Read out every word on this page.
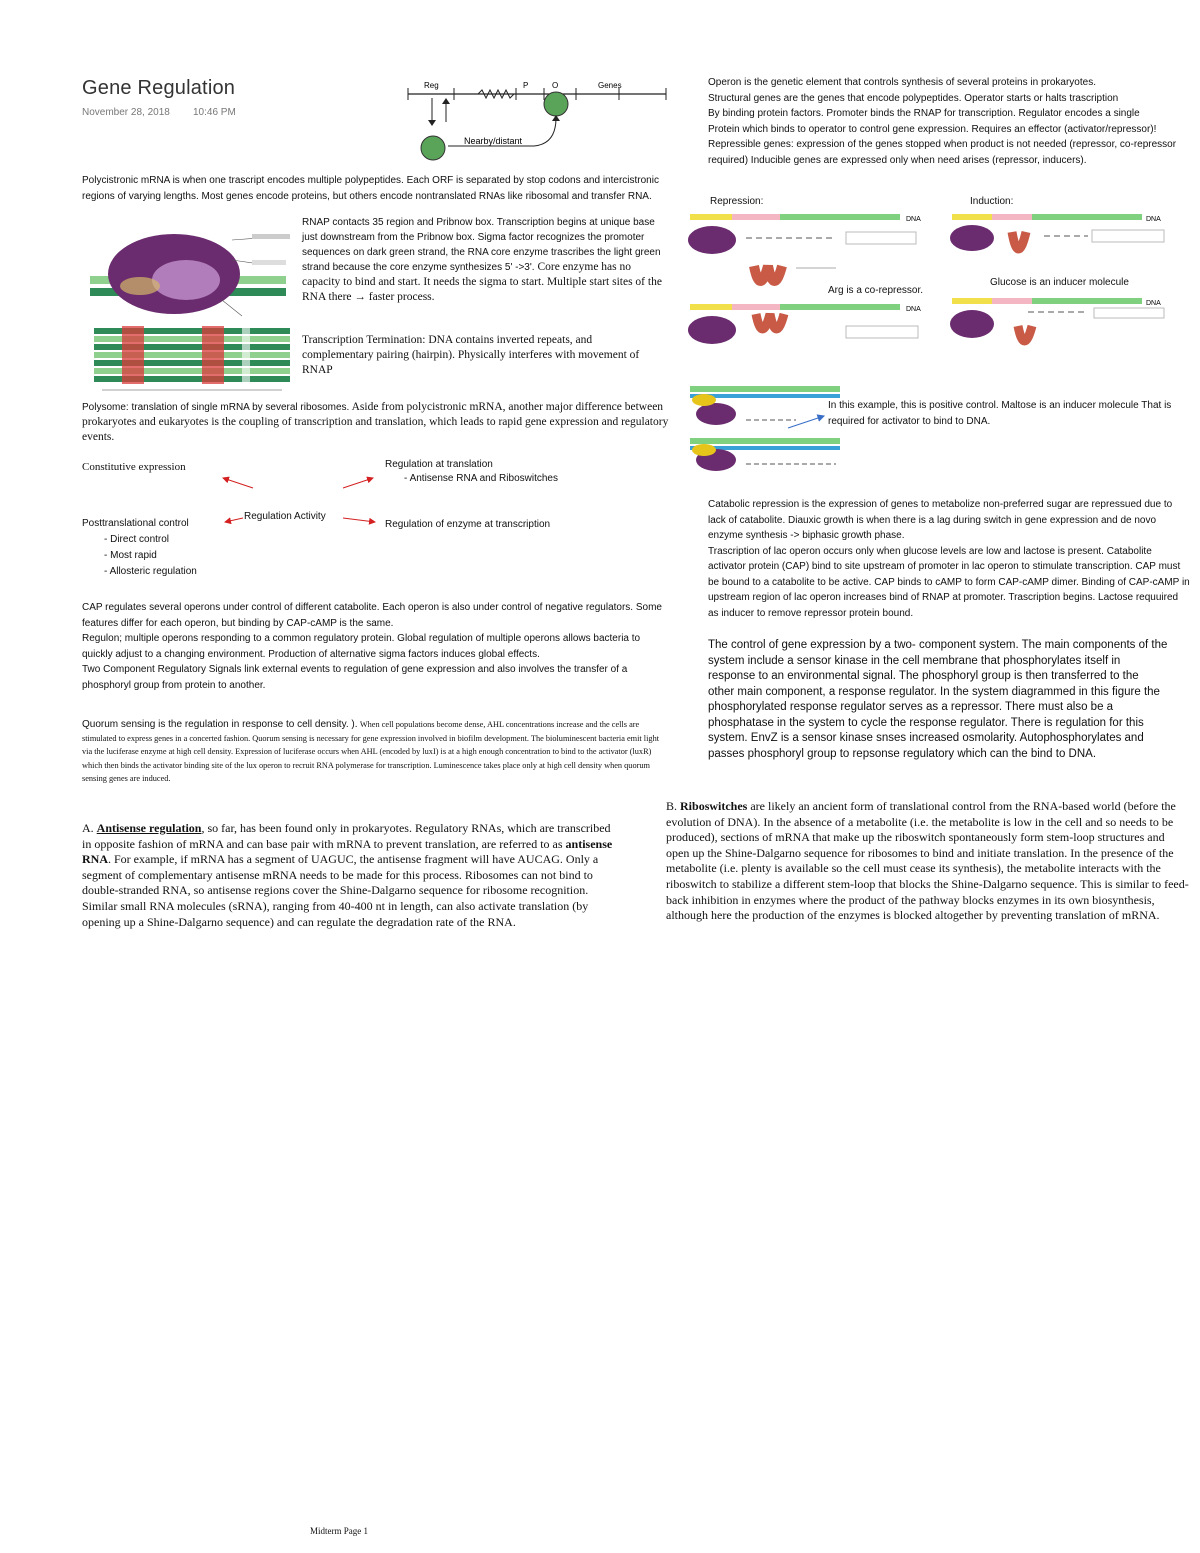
Gene Regulation
November 28, 2018 10:46 PM
Reg	P	O	Genes
Nearby/distant

Polycistronic mRNA is when one trascript encodes multiple polypeptides. Each ORF is separated by stop codons and intercistronic regions of varying lengths. Most genes encode proteins, but others encode nontranslated RNAs like ribosomal and transfer RNA.

RNAP contacts 35 region and Pribnow box. Transcription begins at unique base just downstream from the Pribnow box. Sigma factor recognizes the promoter sequences on dark green strand, the RNA core enzyme trascribes the light green strand because the core enzyme synthesizes 5' ->3'. Core enzyme has no capacity to bind and start. It needs the sigma to start. Multiple start sites of the RNA there → faster process.

Transcription Termination: DNA contains inverted repeats, and complementary pairing (hairpin). Physically interferes with movement of RNAP

Polysome: translation of single mRNA by several ribosomes. Aside from polycistronic mRNA, another major difference between prokaryotes and eukaryotes is the coupling of transcription and translation, which leads to rapid gene expression and regulatory events.

Constitutive expression	Regulation at translation
- Antisense RNA and Riboswitches
Regulation Activity
Posttranslational control
- Direct control
- Most rapid
- Allosteric regulation
Regulation of enzyme at transcription

CAP regulates several operons under control of different catabolite. Each operon is also under control of negative regulators. Some features differ for each operon, but binding by CAP-cAMP is the same.

Regulon; multiple operons responding to a common regulatory protein. Global regulation of multiple operons allows bacteria to quickly adjust to a changing environment. Production of alternative sigma factors induces global effects.

Two Component Regulatory Signals link external events to regulation of gene expression and also involves the transfer of a phosphoryl group from protein to another.

Quorum sensing is the regulation in response to cell density. ). When cell populations become dense, AHL concentrations increase and the cells are stimulated to express genes in a concerted fashion. Quorum sensing is necessary for gene expression involved in biofilm development. The bioluminescent bacteria emit light via the luciferase enzyme at high cell density. Expression of luciferase occurs when AHL (encoded by luxI) is at a high enough concentration to bind to the activator (luxR) which then binds the activator binding site of the lux operon to recruit RNA polymerase for transcription. Luminescence takes place only at high cell density when quorum sensing genes are induced.

A. Antisense regulation, so far, has been found only in prokaryotes. Regulatory RNAs, which are transcribed in opposite fashion of mRNA and can base pair with mRNA to prevent translation, are referred to as antisense RNA. For example, if mRNA has a segment of UAGUC, the antisense fragment will have AUCAG. Only a segment of complementary antisense mRNA needs to be made for this process. Ribosomes can not bind to double-stranded RNA, so antisense regions cover the Shine-Dalgarno sequence for ribosome recognition. Similar small RNA molecules (sRNA), ranging from 40-400 nt in length, can also activate translation (by opening up a Shine-Dalgarno sequence) and can regulate the degradation rate of the RNA.

Operon is the genetic element that controls synthesis of several proteins in prokaryotes.

Structural genes are the genes that encode polypeptides. Operator starts or halts trascription

By binding protein factors. Promoter binds the RNAP for transcription. Regulator encodes a single

Protein which binds to operator to control gene expression. Requires an effector (activator/repressor)!

Repressible genes: expression of the genes stopped when product is not needed (repressor, co-repressor required) Inducible genes are expressed only when need arises (repressor, inducers).

Repression:	Induction:
DNA	DNA
Glucose is an inducer molecule
Arg is a co-repressor.
DNA
DNA

In this example, this is positive control. Maltose is an inducer molecule That is required for activator to bind to DNA.

Catabolic repression is the expression of genes to metabolize non-preferred sugar are repressued due to lack of catabolite. Diauxic growth is when there is a lag during switch in gene expression and de novo enzyme synthesis -> biphasic growth phase.

Trascription of lac operon occurs only when glucose levels are low and lactose is present. Catabolite activator protein (CAP) bind to site upstream of promoter in lac operon to stimulate transcription. CAP must be bound to a catabolite to be active. CAP binds to cAMP to form CAP-cAMP dimer. Binding of CAP-cAMP in upstream region of lac operon increases bind of RNAP at promoter. Trascription begins. Lactose requuired as inducer to remove repressor protein bound.

The control of gene expression by a two- component system. The main components of the system include a sensor kinase in the cell membrane that phosphorylates itself in response to an environmental signal. The phosphoryl group is then transferred to the other main component, a response regulator. In the system diagrammed in this figure the phosphorylated response regulator serves as a repressor. There must also be a phosphatase in the system to cycle the response regulator. There is regulation for this system. EnvZ is a sensor kinase snses increased osmolarity. Autophosphorylates and passes phosphoryl group to repsonse regulatory which can the bind to DNA.

B. Riboswitches are likely an ancient form of translational control from the RNA-based world (before the evolution of DNA). In the absence of a metabolite (i.e. the metabolite is low in the cell and so needs to be produced), sections of mRNA that make up the riboswitch spontaneously form stem-loop structures and open up the Shine-Dalgarno sequence for ribosomes to bind and initiate translation. In the presence of the metabolite (i.e. plenty is available so the cell must cease its synthesis), the metabolite interacts with the riboswitch to stabilize a different stem-loop that blocks the Shine-Dalgarno sequence. This is similar to feed-back inhibition in enzymes where the product of the pathway blocks enzymes in its own biosynthesis, although here the production of the enzymes is blocked altogether by preventing translation of mRNA.

Midterm Page 1
